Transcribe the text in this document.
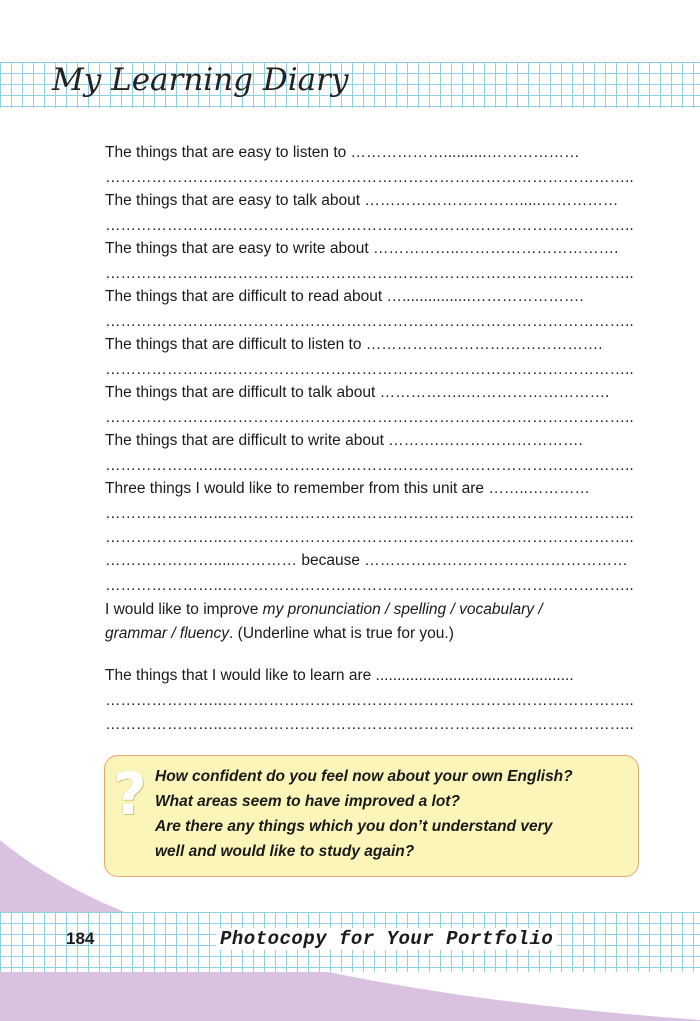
My Learning Diary
The things that are easy to listen to ………………..........………………
…………………..……………………………………………………………………..
The things that are easy to talk about ………………………….....……………
…………………..……………………………………………………………………..
The things that are easy to write about ……………..………………………….
…………………..……………………………………………………………………..
The things that are difficult to read about …................………………….
…………………..……………………………………………………………………..
The things that are difficult to listen to ……………………………………….
…………………..……………………………………………………………………..
The things that are difficult to talk about ……………..……………………….
…………………..……………………………………………………………………..
The things that are difficult to write about ……….……………………….
…………………..……………………………………………………………………..
Three things I would like to remember from this unit are ……..…………
…………………..……………………………………………………………………..
…………………..……………………………………………………………………..
………………….....………… because ……………………………………………
…………………..……………………………………………………………………..
I would like to improve my pronunciation / spelling / vocabulary /
grammar / fluency. (Underline what is true for you.)
The things that I would like to learn are ..............................................
…………………..……………………………………………………………………..
…………………..……………………………………………………………………..
? How confident do you feel now about your own English?
What areas seem to have improved a lot?
Are there any things which you don’t understand very
well and would like to study again?
184	Photocopy for Your Portfolio
